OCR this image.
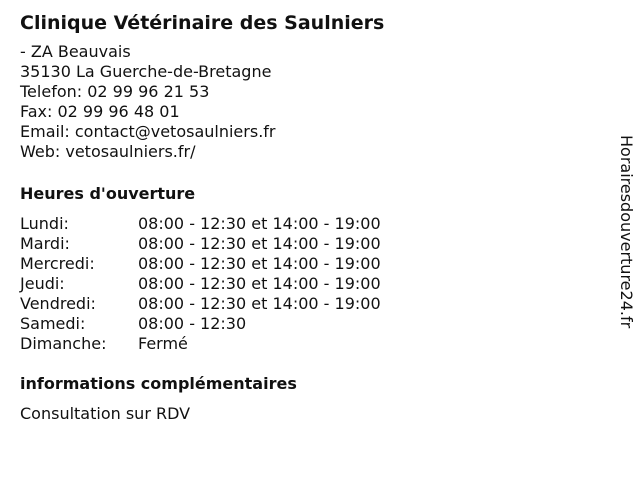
Clinique Vétérinaire des Saulniers
- ZA Beauvais
35130 La Guerche-de-Bretagne
Telefon: 02 99 96 21 53
Fax: 02 99 96 48 01
Email: contact@vetosaulniers.fr
Web: vetosaulniers.fr/
Heures d'ouverture
Lundi:	08:00 - 12:30 et 14:00 - 19:00
Mardi:	08:00 - 12:30 et 14:00 - 19:00
Mercredi:	08:00 - 12:30 et 14:00 - 19:00
Jeudi:	08:00 - 12:30 et 14:00 - 19:00
Vendredi:	08:00 - 12:30 et 14:00 - 19:00
Samedi:	08:00 - 12:30
Dimanche:	Fermé
informations complémentaires
Consultation sur RDV
Horairesdouverture24.fr
